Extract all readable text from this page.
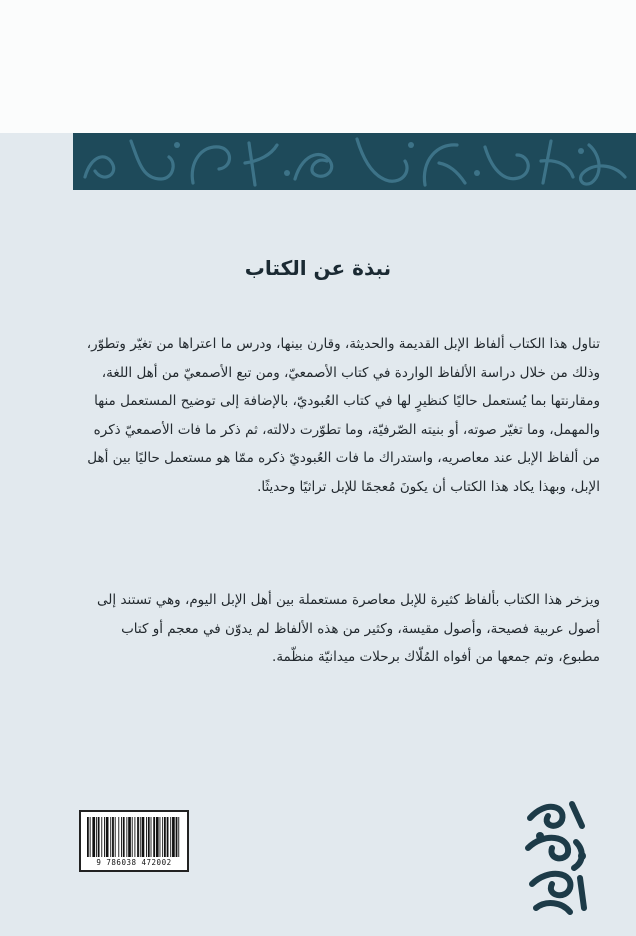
نبذة عن الكتاب

تناول هذا الكتاب ألفاظ الإبل القديمة والحديثة، وقارن بينها، ودرس ما اعتراها من تغيّر وتطوّر، وذلك من خلال دراسة الألفاظ الواردة في كتاب الأصمعيّ، ومن تبع الأصمعيّ من أهل اللغة، ومقارنتها بما يُستعمل حاليًا كنظيرٍ لها في كتاب العُبوديّ، بالإضافة إلى توضيح المستعمل منها والمهمل، وما تغيّر صوته، أو بنيته الصّرفيّة، وما تطوّرت دلالته، ثم ذكر ما فات الأصمعيّ ذكره من ألفاظ الإبل عند معاصريه، واستدراك ما فات العُبوديّ ذكره ممّا هو مستعمل حاليًا بين أهل الإبل، وبهذا يكاد هذا الكتاب أن يكونَ مُعجمًا للإبل تراثيًا وحديثًا.

ويزخر هذا الكتاب بألفاظ كثيرة للإبل معاصرة مستعملة بين أهل الإبل اليوم، وهي تستند إلى أصول عربية فصيحة، وأصول مقيسة، وكثير من هذه الألفاظ لم يدوّن في معجم أو كتاب مطبوع، وتم جمعها من أفواه المُلّاك برحلات ميدانيّة منظّمة.

9 786038 472002
